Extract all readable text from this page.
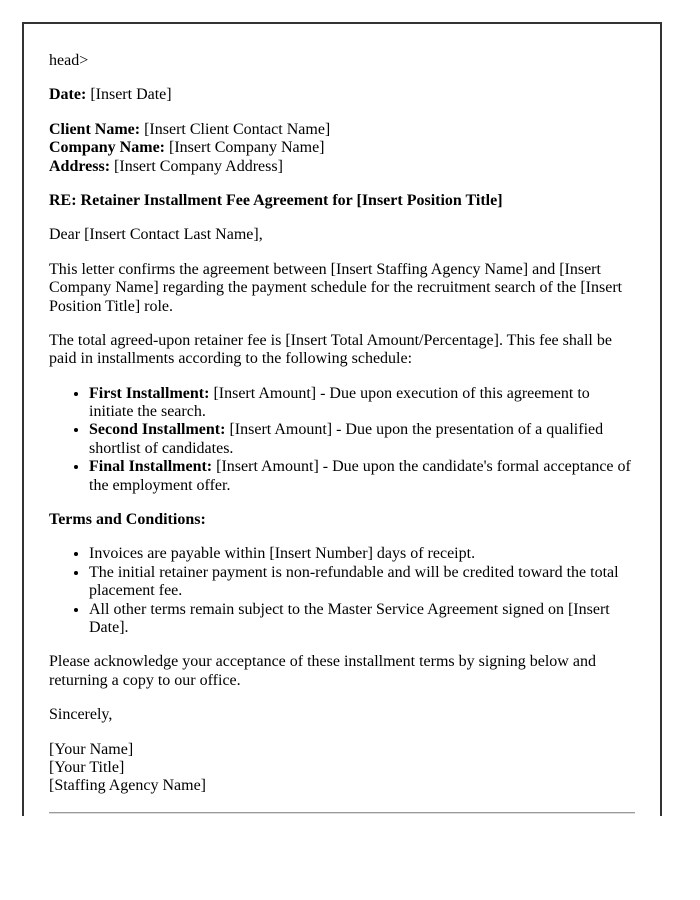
head>

Date: [Insert Date]

Client Name: [Insert Client Contact Name]
Company Name: [Insert Company Name]
Address: [Insert Company Address]

RE: Retainer Installment Fee Agreement for [Insert Position Title]

Dear [Insert Contact Last Name],

This letter confirms the agreement between [Insert Staffing Agency Name] and [Insert Company Name] regarding the payment schedule for the recruitment search of the [Insert Position Title] role.

The total agreed-upon retainer fee is [Insert Total Amount/Percentage]. This fee shall be paid in installments according to the following schedule:

• First Installment: [Insert Amount] - Due upon execution of this agreement to initiate the search.
• Second Installment: [Insert Amount] - Due upon the presentation of a qualified shortlist of candidates.
• Final Installment: [Insert Amount] - Due upon the candidate's formal acceptance of the employment offer.

Terms and Conditions:

• Invoices are payable within [Insert Number] days of receipt.
• The initial retainer payment is non-refundable and will be credited toward the total placement fee.
• All other terms remain subject to the Master Service Agreement signed on [Insert Date].

Please acknowledge your acceptance of these installment terms by signing below and returning a copy to our office.

Sincerely,

[Your Name]
[Your Title]
[Staffing Agency Name]
